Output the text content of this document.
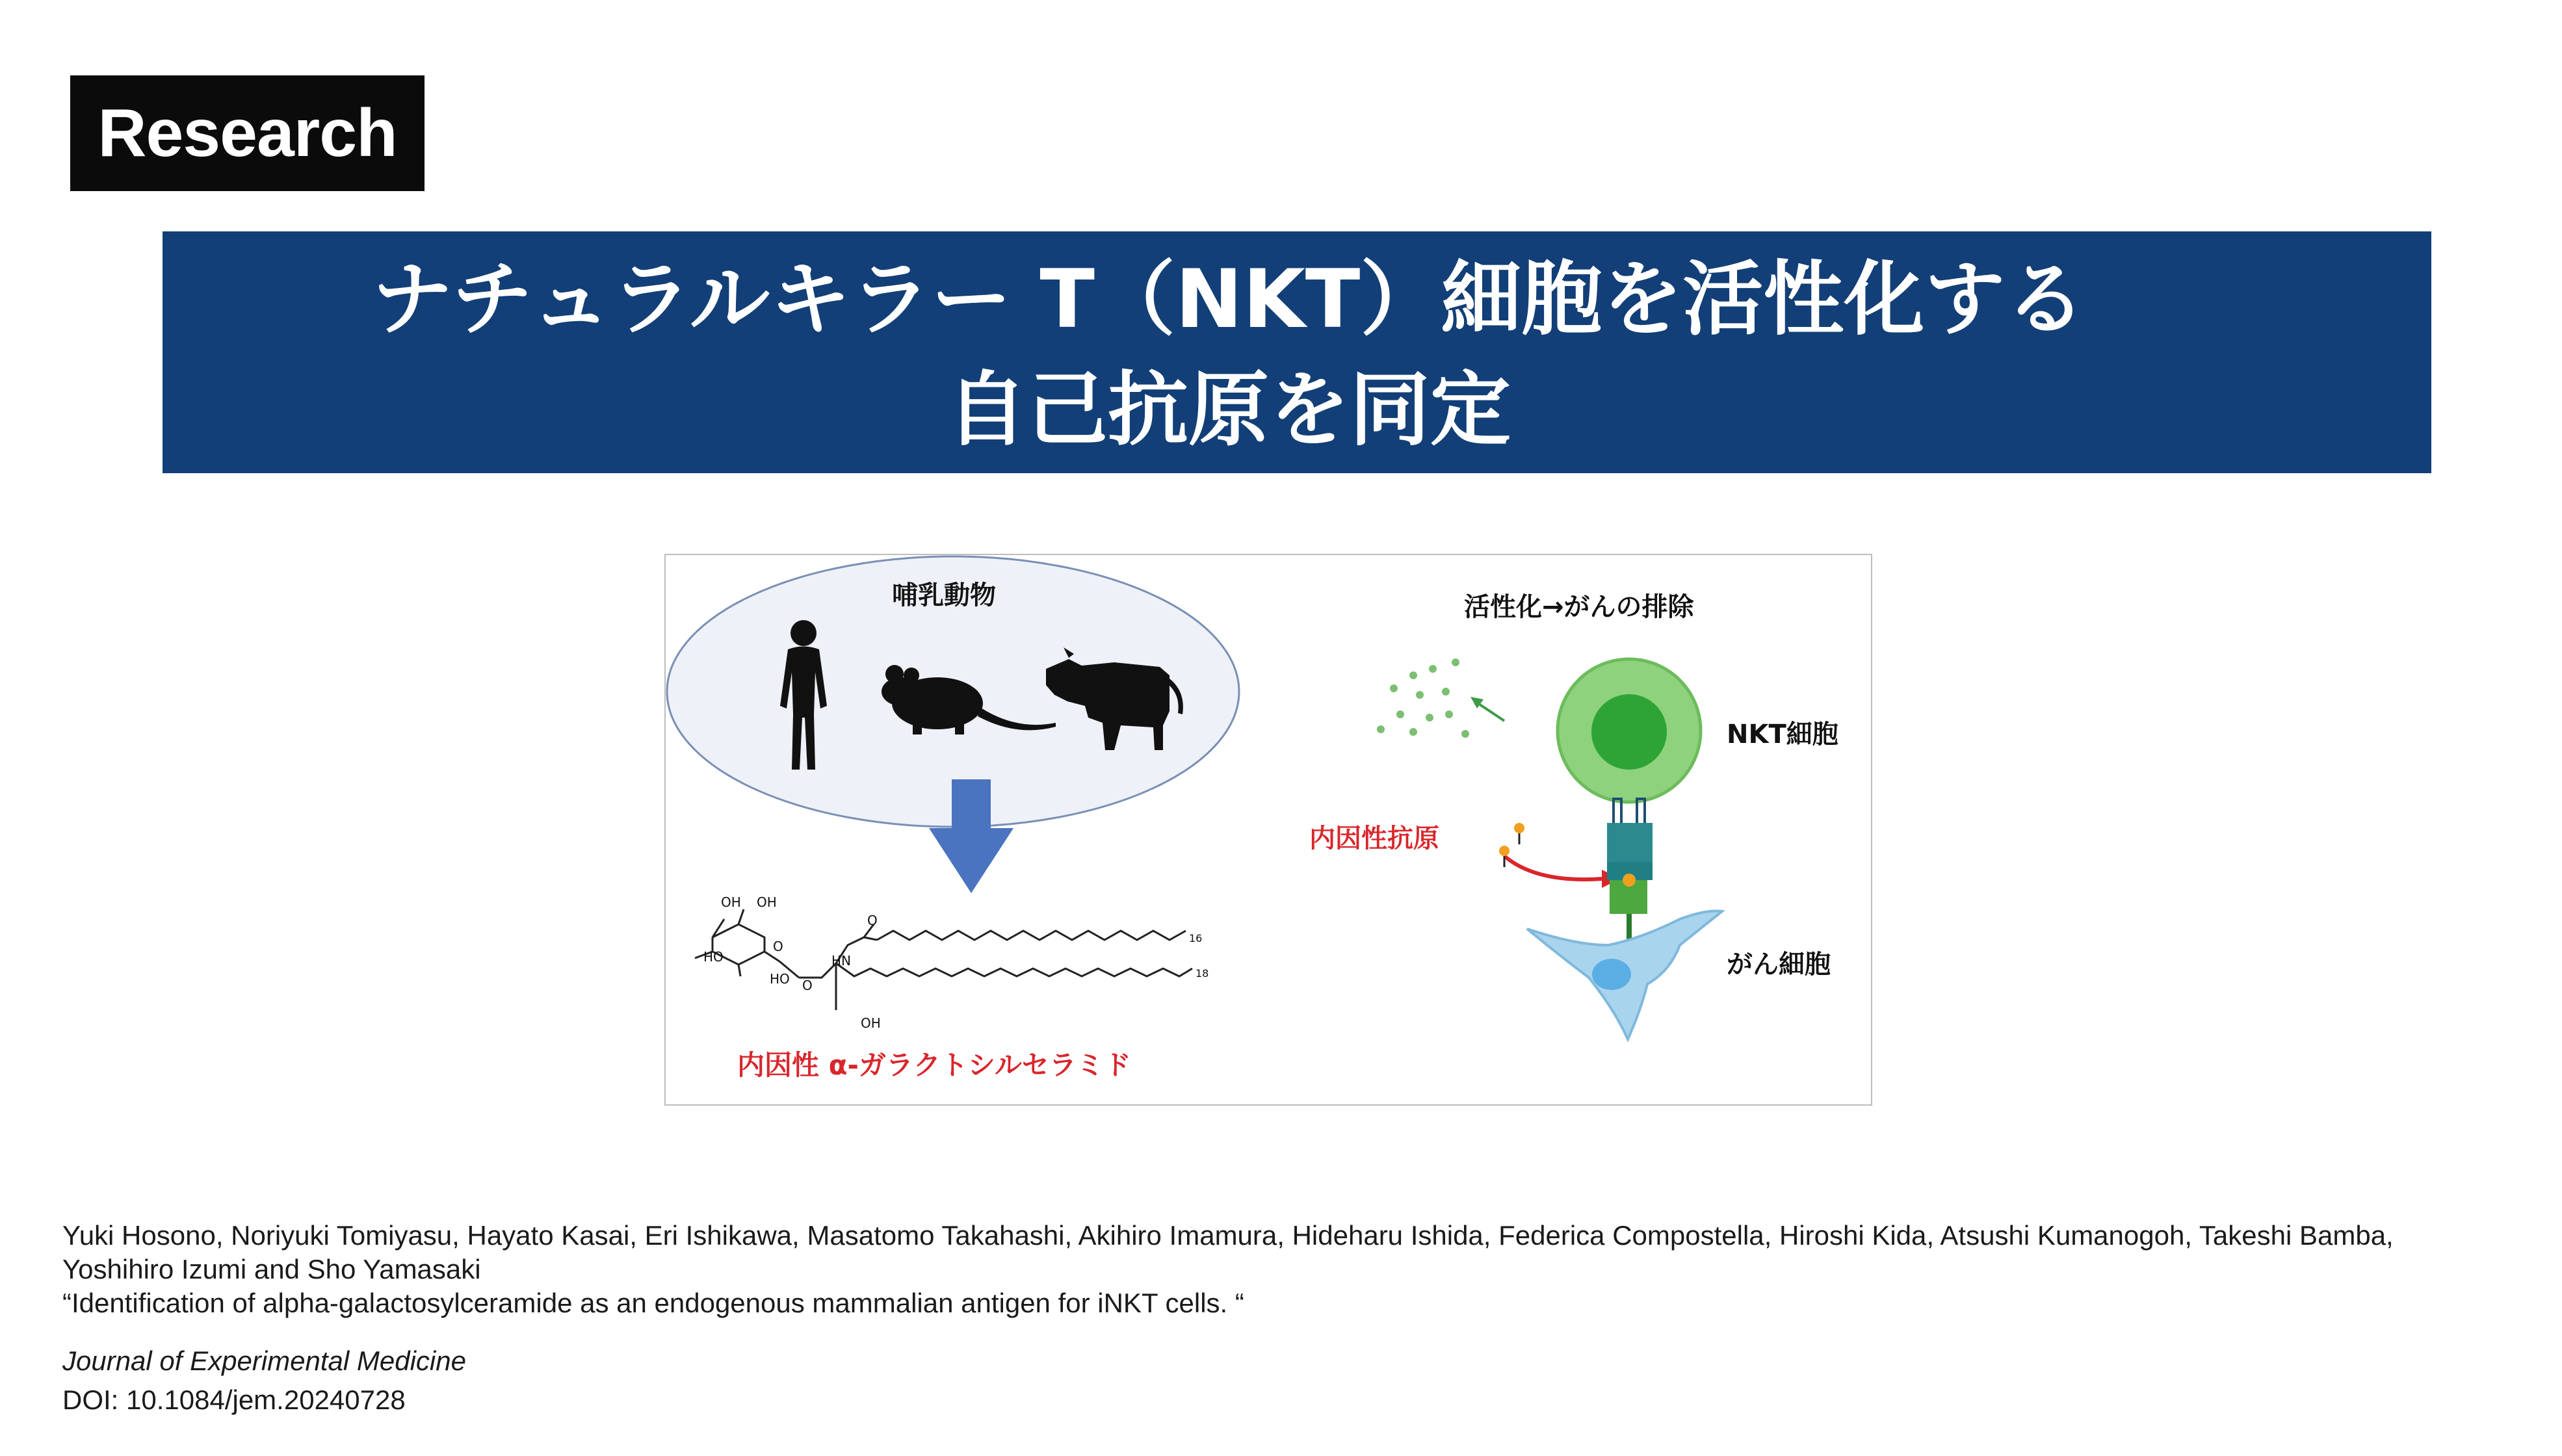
Research
ナチュラルキラー T（NKT）細胞を活性化する
自己抗原を同定
哺乳動物	活性化→がんの排除
NKT細胞
内因性抗原
がん細胞
内因性 α-ガラクトシルセラミド
OH OH
HO
O
HO O
HN
O
OH
16
18
Yuki Hosono, Noriyuki Tomiyasu, Hayato Kasai, Eri Ishikawa, Masatomo Takahashi, Akihiro Imamura, Hideharu Ishida, Federica Compostella, Hiroshi Kida, Atsushi Kumanogoh, Takeshi Bamba, Yoshihiro Izumi and Sho Yamasaki
“Identification of alpha-galactosylceramide as an endogenous mammalian antigen for iNKT cells. “
Journal of Experimental Medicine
DOI: 10.1084/jem.20240728
